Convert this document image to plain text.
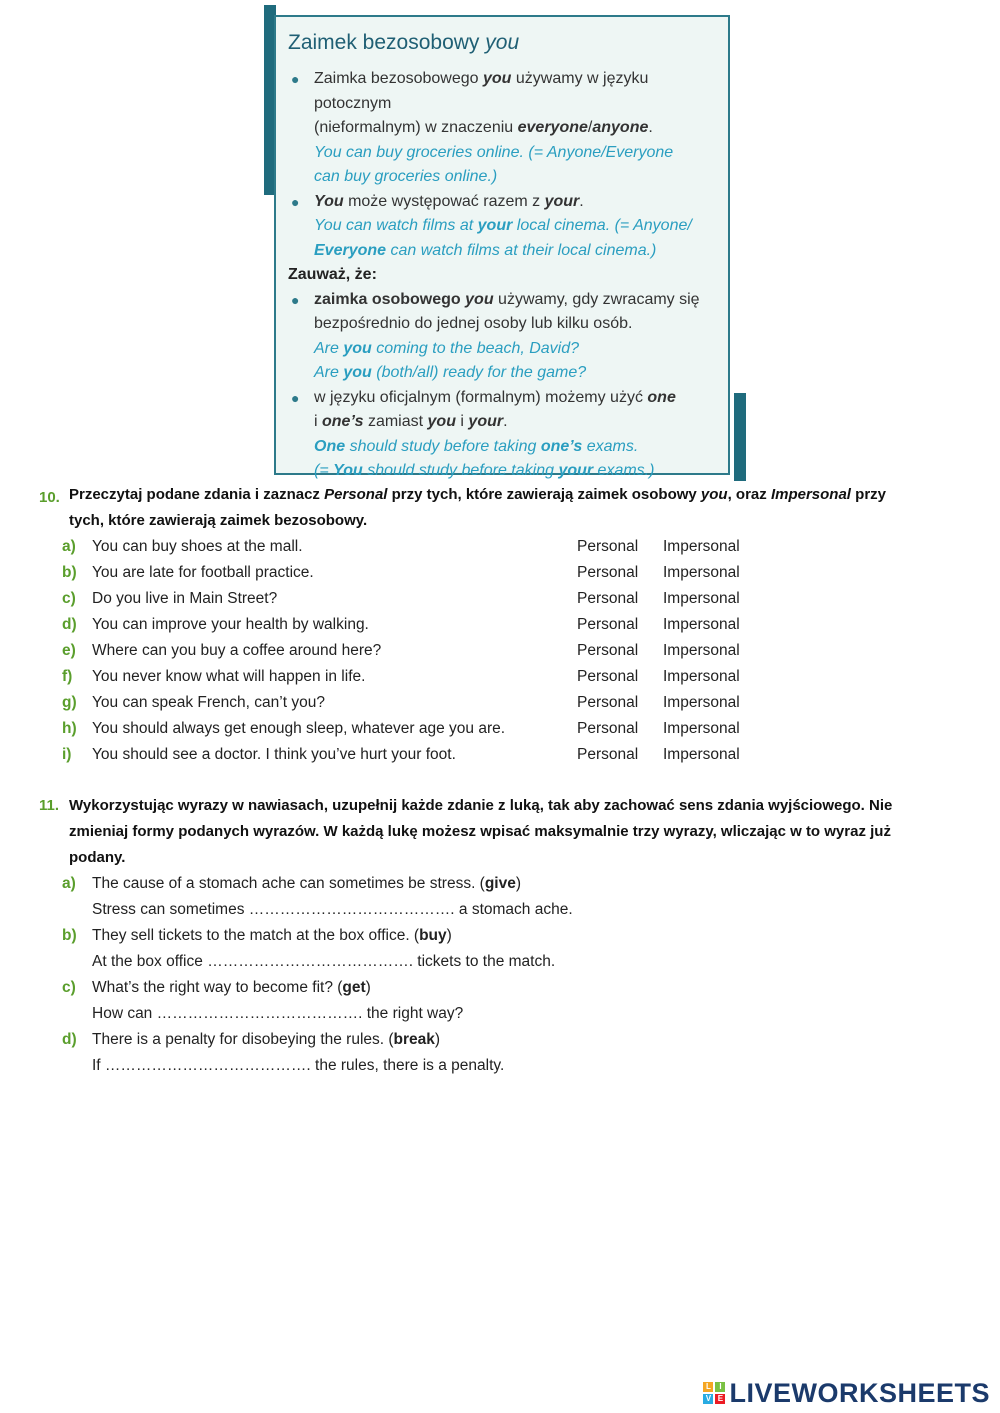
Zaimek bezosobowy you
● Zaimka bezosobowego you używamy w języku potocznym
(nieformalnym) w znaczeniu everyone/anyone.
You can buy groceries online. (= Anyone/Everyone
can buy groceries online.)
● You może występować razem z your.
You can watch films at your local cinema. (= Anyone/
Everyone can watch films at their local cinema.)
Zauważ, że:
● zaimka osobowego you używamy, gdy zwracamy się
bezpośrednio do jednej osoby lub kilku osób.
Are you coming to the beach, David?
Are you (both/all) ready for the game?
● w języku oficjalnym (formalnym) możemy użyć one
i one’s zamiast you i your.
One should study before taking one’s exams.
(= You should study before taking your exams.)
10. Przeczytaj podane zdania i zaznacz Personal przy tych, które zawierają zaimek osobowy you, oraz Impersonal przy
tych, które zawierają zaimek bezosobowy.
a) You can buy shoes at the mall.	Personal Impersonal
b) You are late for football practice.	Personal Impersonal
c) Do you live in Main Street?	Personal Impersonal
d) You can improve your health by walking.	Personal Impersonal
e) Where can you buy a coffee around here?	Personal Impersonal
f) You never know what will happen in life.	Personal Impersonal
g) You can speak French, can’t you?	Personal Impersonal
h) You should always get enough sleep, whatever age you are.	Personal Impersonal
i) You should see a doctor. I think you’ve hurt your foot.	Personal Impersonal
11. Wykorzystując wyrazy w nawiasach, uzupełnij każde zdanie z luką, tak aby zachować sens zdania wyjściowego. Nie
zmieniaj formy podanych wyrazów. W każdą lukę możesz wpisać maksymalnie trzy wyrazy, wliczając w to wyraz już
podany.
a) The cause of a stomach ache can sometimes be stress. (give)
Stress can sometimes …………………………………. a stomach ache.
b) They sell tickets to the match at the box office. (buy)
At the box office …………………………………. tickets to the match.
c) What’s the right way to become fit? (get)
How can …………………………………. the right way?
d) There is a penalty for disobeying the rules. (break)
If …………………………………. the rules, there is a penalty.
L	I
V E LIVEWORKSHEETS
